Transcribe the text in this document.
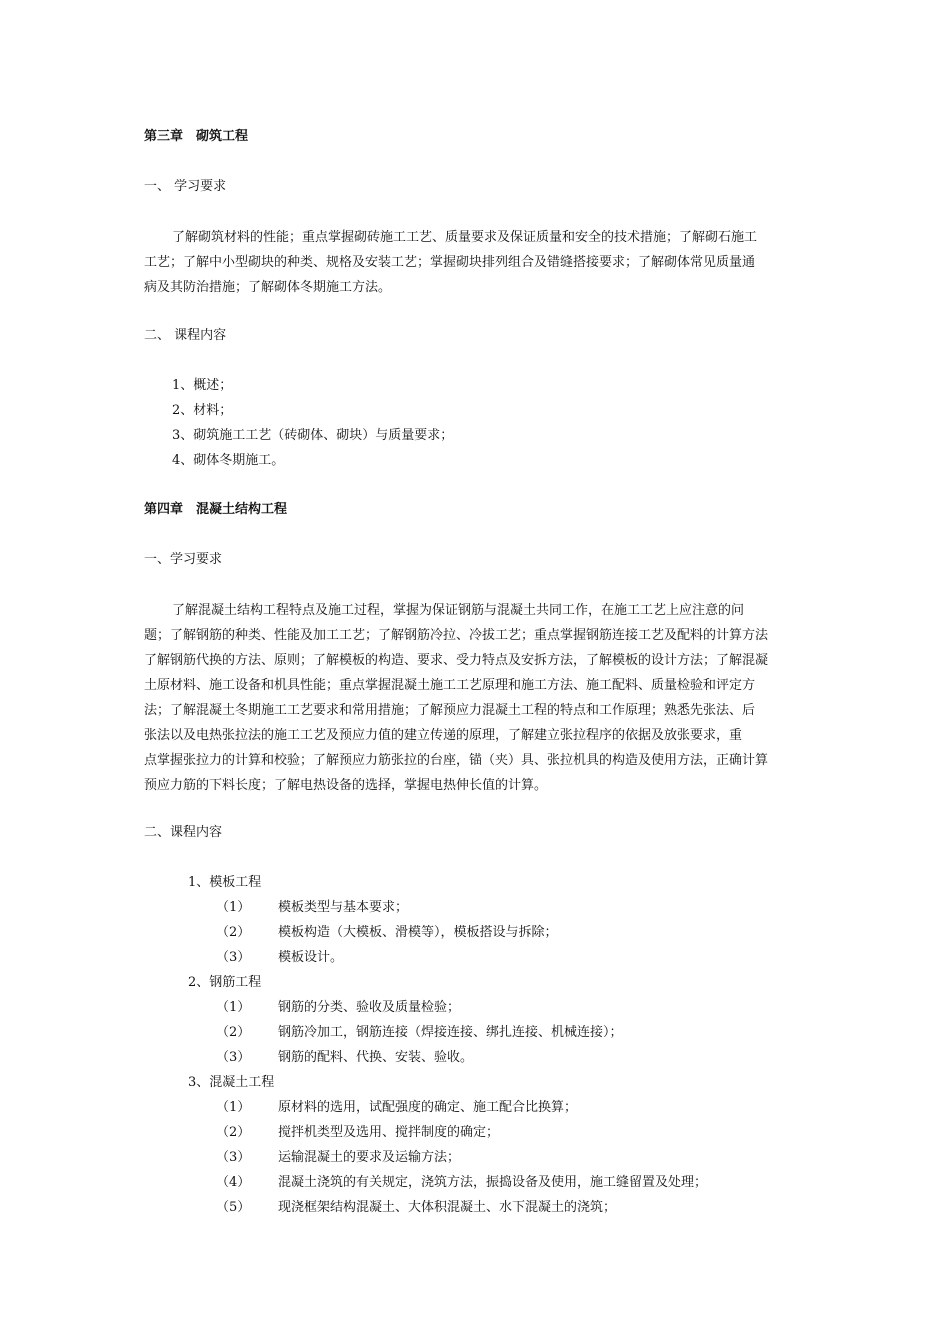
第三章　砌筑工程
一、 学习要求
了解砌筑材料的性能；重点掌握砌砖施工工艺、质量要求及保证质量和安全的技术措施；了解砌石施工
工艺；了解中小型砌块的种类、规格及安装工艺；掌握砌块排列组合及错缝搭接要求；了解砌体常见质量通
病及其防治措施；了解砌体冬期施工方法。
二、 课程内容
1、概述；
2、材料；
3、砌筑施工工艺（砖砌体、砌块）与质量要求；
4、砌体冬期施工。
第四章　混凝土结构工程
一、学习要求
了解混凝土结构工程特点及施工过程，掌握为保证钢筋与混凝土共同工作，在施工工艺上应注意的问
题；了解钢筋的种类、性能及加工工艺；了解钢筋冷拉、冷拔工艺；重点掌握钢筋连接工艺及配料的计算方法
了解钢筋代换的方法、原则；了解模板的构造、要求、受力特点及安拆方法，了解模板的设计方法；了解混凝
土原材料、施工设备和机具性能；重点掌握混凝土施工工艺原理和施工方法、施工配料、质量检验和评定方
法；了解混凝土冬期施工工艺要求和常用措施；了解预应力混凝土工程的特点和工作原理；熟悉先张法、后
张法以及电热张拉法的施工工艺及预应力值的建立传递的原理，了解建立张拉程序的依据及放张要求，重
点掌握张拉力的计算和校验；了解预应力筋张拉的台座，锚（夹）具、张拉机具的构造及使用方法，正确计算
预应力筋的下料长度；了解电热设备的选择，掌握电热伸长值的计算。
二、课程内容
1、模板工程
（1） 模板类型与基本要求；
（2） 模板构造（大模板、滑模等），模板搭设与拆除；
（3） 模板设计。
2、钢筋工程
（1） 钢筋的分类、验收及质量检验；
（2） 钢筋冷加工，钢筋连接（焊接连接、绑扎连接、机械连接）；
（3） 钢筋的配料、代换、安装、验收。
3、混凝土工程
（1） 原材料的选用，试配强度的确定、施工配合比换算；
（2） 搅拌机类型及选用、搅拌制度的确定；
（3） 运输混凝土的要求及运输方法；
（4） 混凝土浇筑的有关规定，浇筑方法，振捣设备及使用，施工缝留置及处理；
（5） 现浇框架结构混凝土、大体积混凝土、水下混凝土的浇筑；
